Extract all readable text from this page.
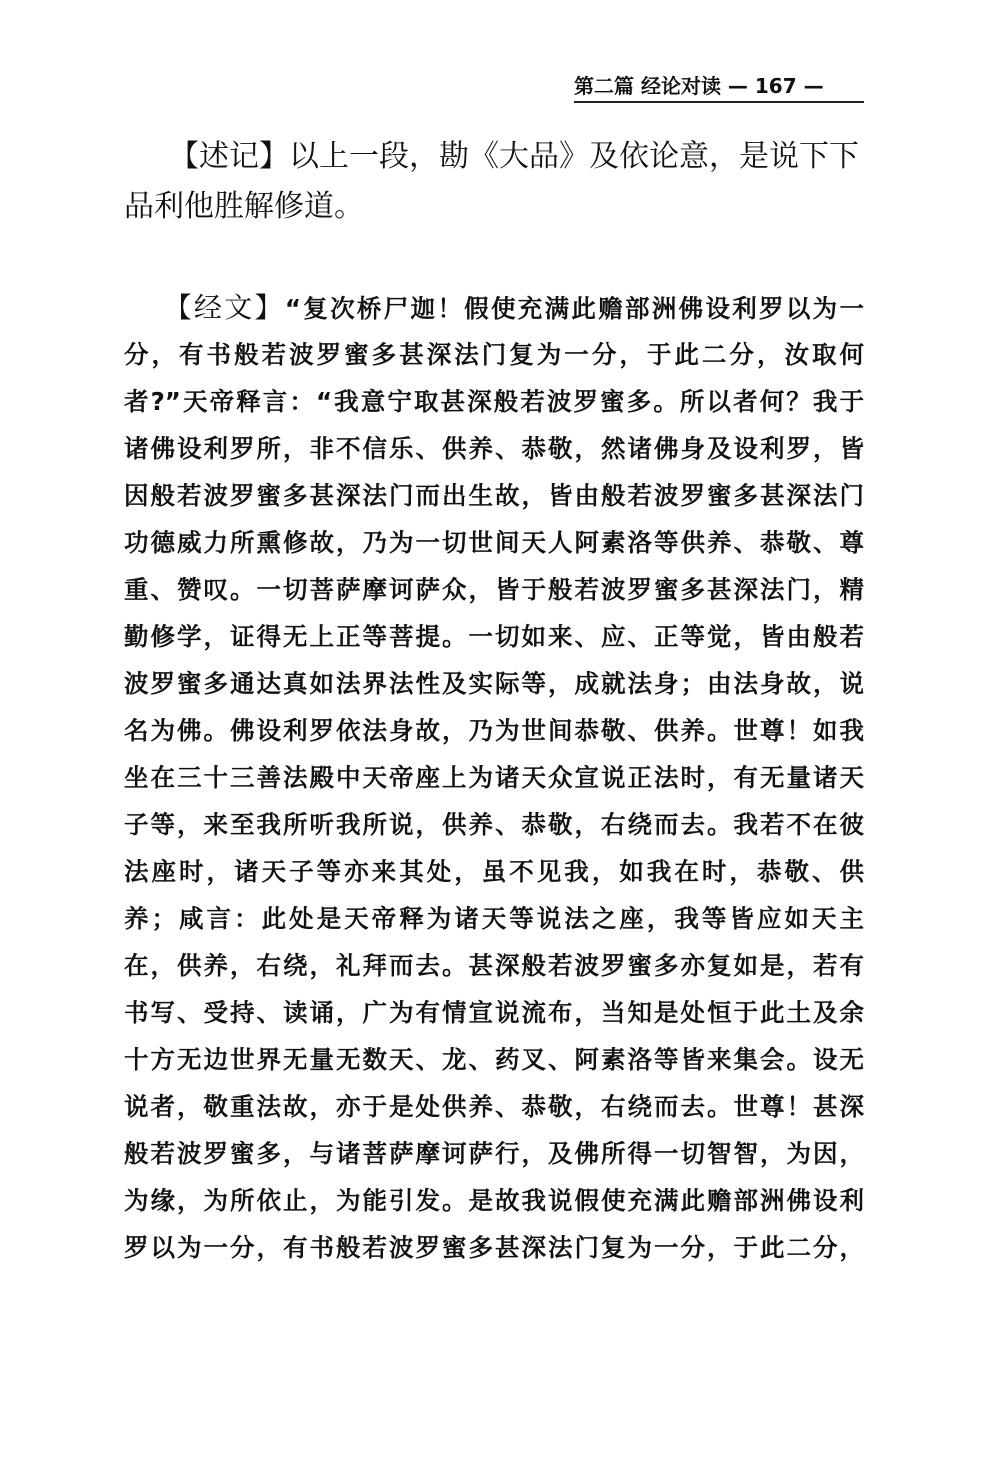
第二篇 经论对读 — 167 —
　　【述记】以上一段，勘《大品》及依论意，是说下下
品利他胜解修道。
　　【经文】“复次桥尸迦！假使充满此赡部洲佛设利罗以为一
分，有书般若波罗蜜多甚深法门复为一分，于此二分，汝取何
者?”天帝释言：“我意宁取甚深般若波罗蜜多。所以者何？我于
诸佛设利罗所，非不信乐、供养、恭敬，然诸佛身及设利罗，皆
因般若波罗蜜多甚深法门而出生故，皆由般若波罗蜜多甚深法门
功德威力所熏修故，乃为一切世间天人阿素洛等供养、恭敬、尊
重、赞叹。一切菩萨摩诃萨众，皆于般若波罗蜜多甚深法门，精
勤修学，证得无上正等菩提。一切如来、应、正等觉，皆由般若
波罗蜜多通达真如法界法性及实际等，成就法身；由法身故，说
名为佛。佛设利罗依法身故，乃为世间恭敬、供养。世尊！如我
坐在三十三善法殿中天帝座上为诸天众宣说正法时，有无量诸天
子等，来至我所听我所说，供养、恭敬，右绕而去。我若不在彼
法座时，诸天子等亦来其处，虽不见我，如我在时，恭敬、供
养；咸言：此处是天帝释为诸天等说法之座，我等皆应如天主
在，供养，右绕，礼拜而去。甚深般若波罗蜜多亦复如是，若有
书写、受持、读诵，广为有情宣说流布，当知是处恒于此土及余
十方无边世界无量无数天、龙、药叉、阿素洛等皆来集会。设无
说者，敬重法故，亦于是处供养、恭敬，右绕而去。世尊！甚深
般若波罗蜜多，与诸菩萨摩诃萨行，及佛所得一切智智，为因，
为缘，为所依止，为能引发。是故我说假使充满此赡部洲佛设利
罗以为一分，有书般若波罗蜜多甚深法门复为一分，于此二分，
